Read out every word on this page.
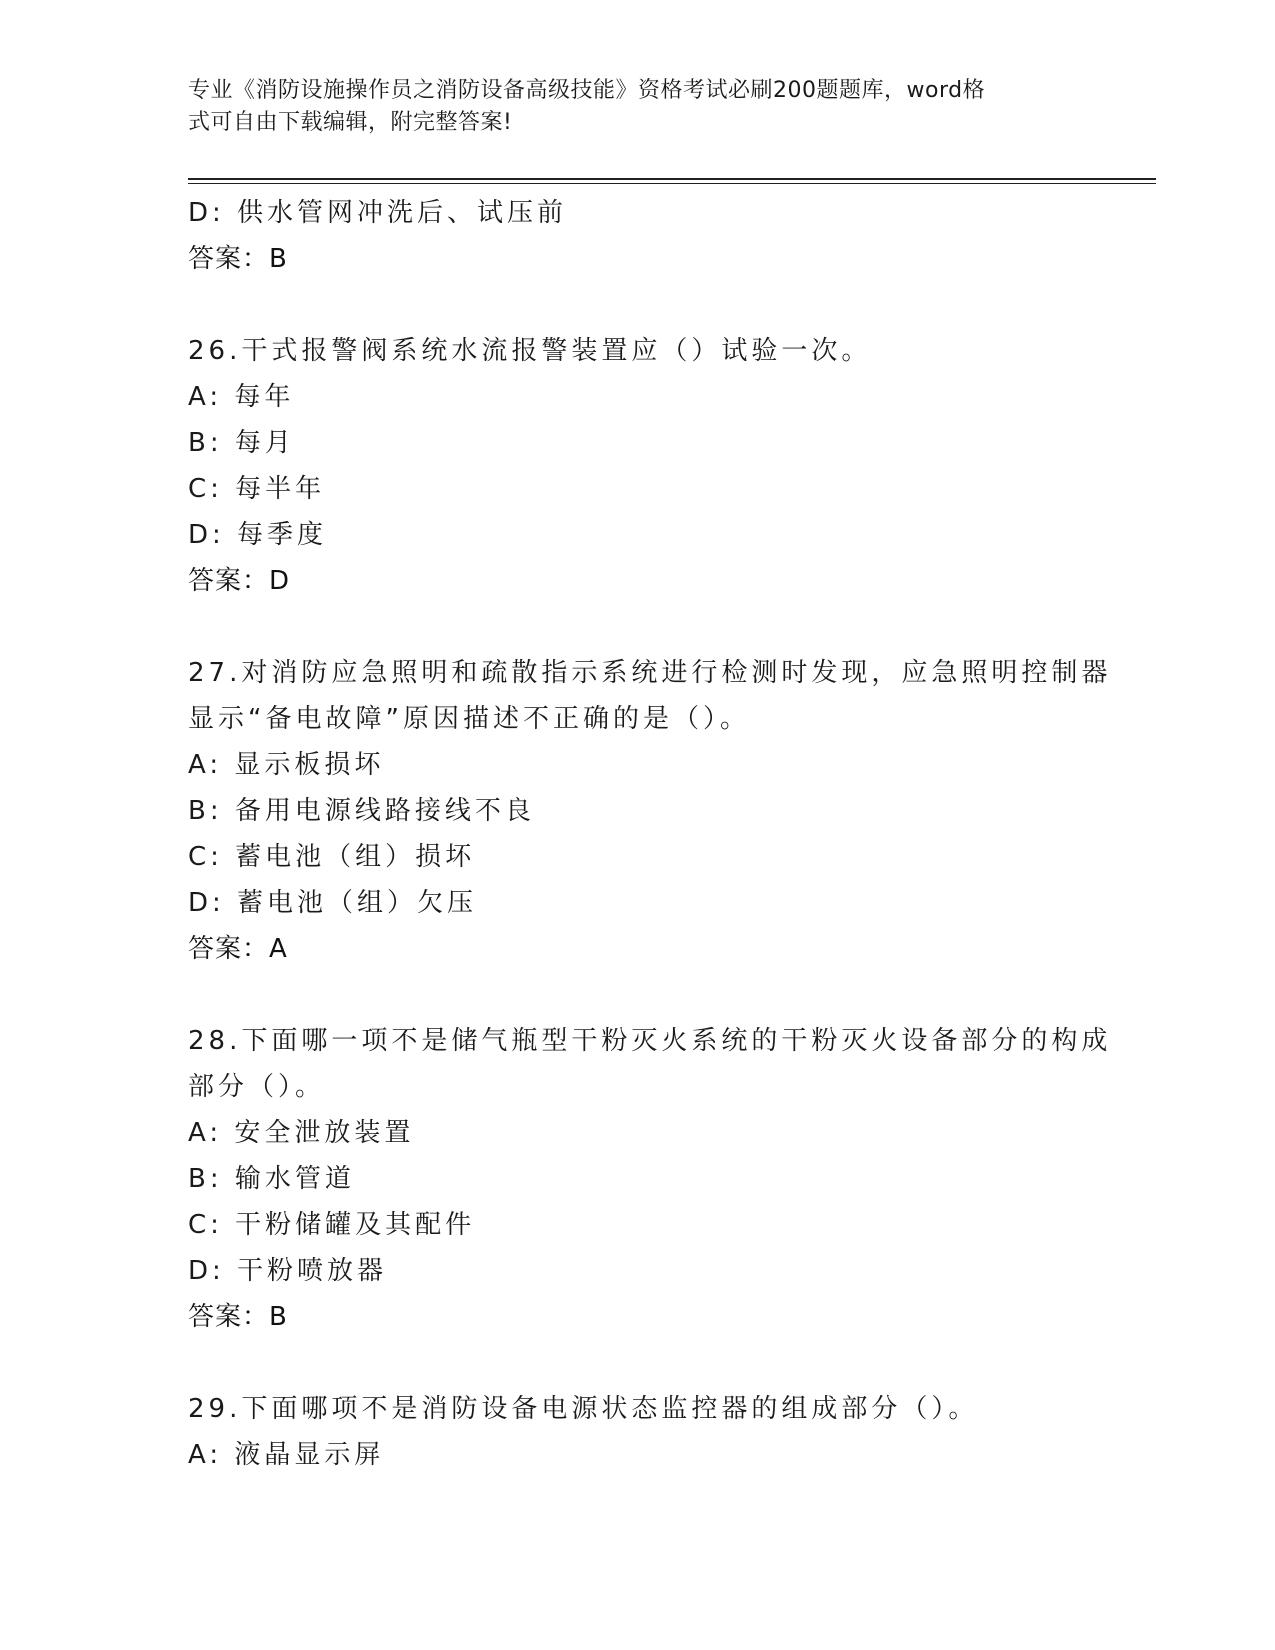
专业《消防设施操作员之消防设备高级技能》资格考试必刷200题题库，word格
式可自由下载编辑，附完整答案!
D: 供水管网冲洗后、试压前
答案：B
26.干式报警阀系统水流报警装置应（）试验一次。
A: 每年
B: 每月
C: 每半年
D: 每季度
答案：D
27.对消防应急照明和疏散指示系统进行检测时发现，应急照明控制器
显示“备电故障”原因描述不正确的是（）。
A: 显示板损坏
B: 备用电源线路接线不良
C: 蓄电池（组）损坏
D: 蓄电池（组）欠压
答案：A
28.下面哪一项不是储气瓶型干粉灭火系统的干粉灭火设备部分的构成
部分（）。
A: 安全泄放装置
B: 输水管道
C: 干粉储罐及其配件
D: 干粉喷放器
答案：B
29.下面哪项不是消防设备电源状态监控器的组成部分（）。
A: 液晶显示屏
